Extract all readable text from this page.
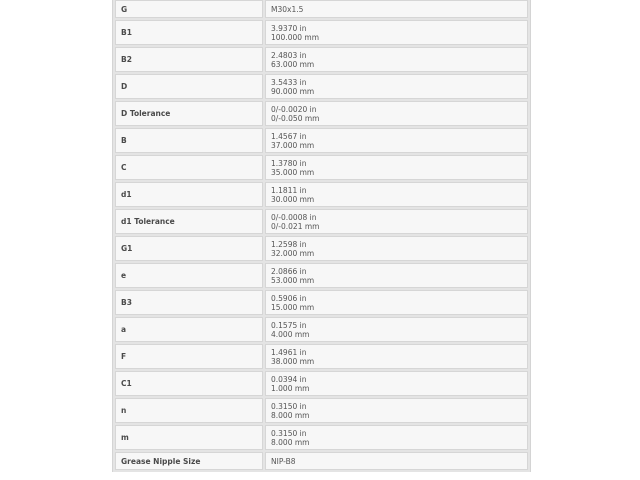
G	M30x1.5

B1	3.9370 in
100.000 mm

B2	2.4803 in
63.000 mm

D	3.5433 in
90.000 mm

D Tolerance	0/-0.0020 in
0/-0.050 mm

B	1.4567 in
37.000 mm

C	1.3780 in
35.000 mm

d1	1.1811 in
30.000 mm

d1 Tolerance	0/-0.0008 in
0/-0.021 mm

G1	1.2598 in
32.000 mm

e	2.0866 in
53.000 mm

B3	0.5906 in
15.000 mm

a	0.1575 in
4.000 mm

F	1.4961 in
38.000 mm

C1	0.0394 in
1.000 mm

n	0.3150 in
8.000 mm

m	0.3150 in
8.000 mm

Grease Nipple Size	NIP-B8
